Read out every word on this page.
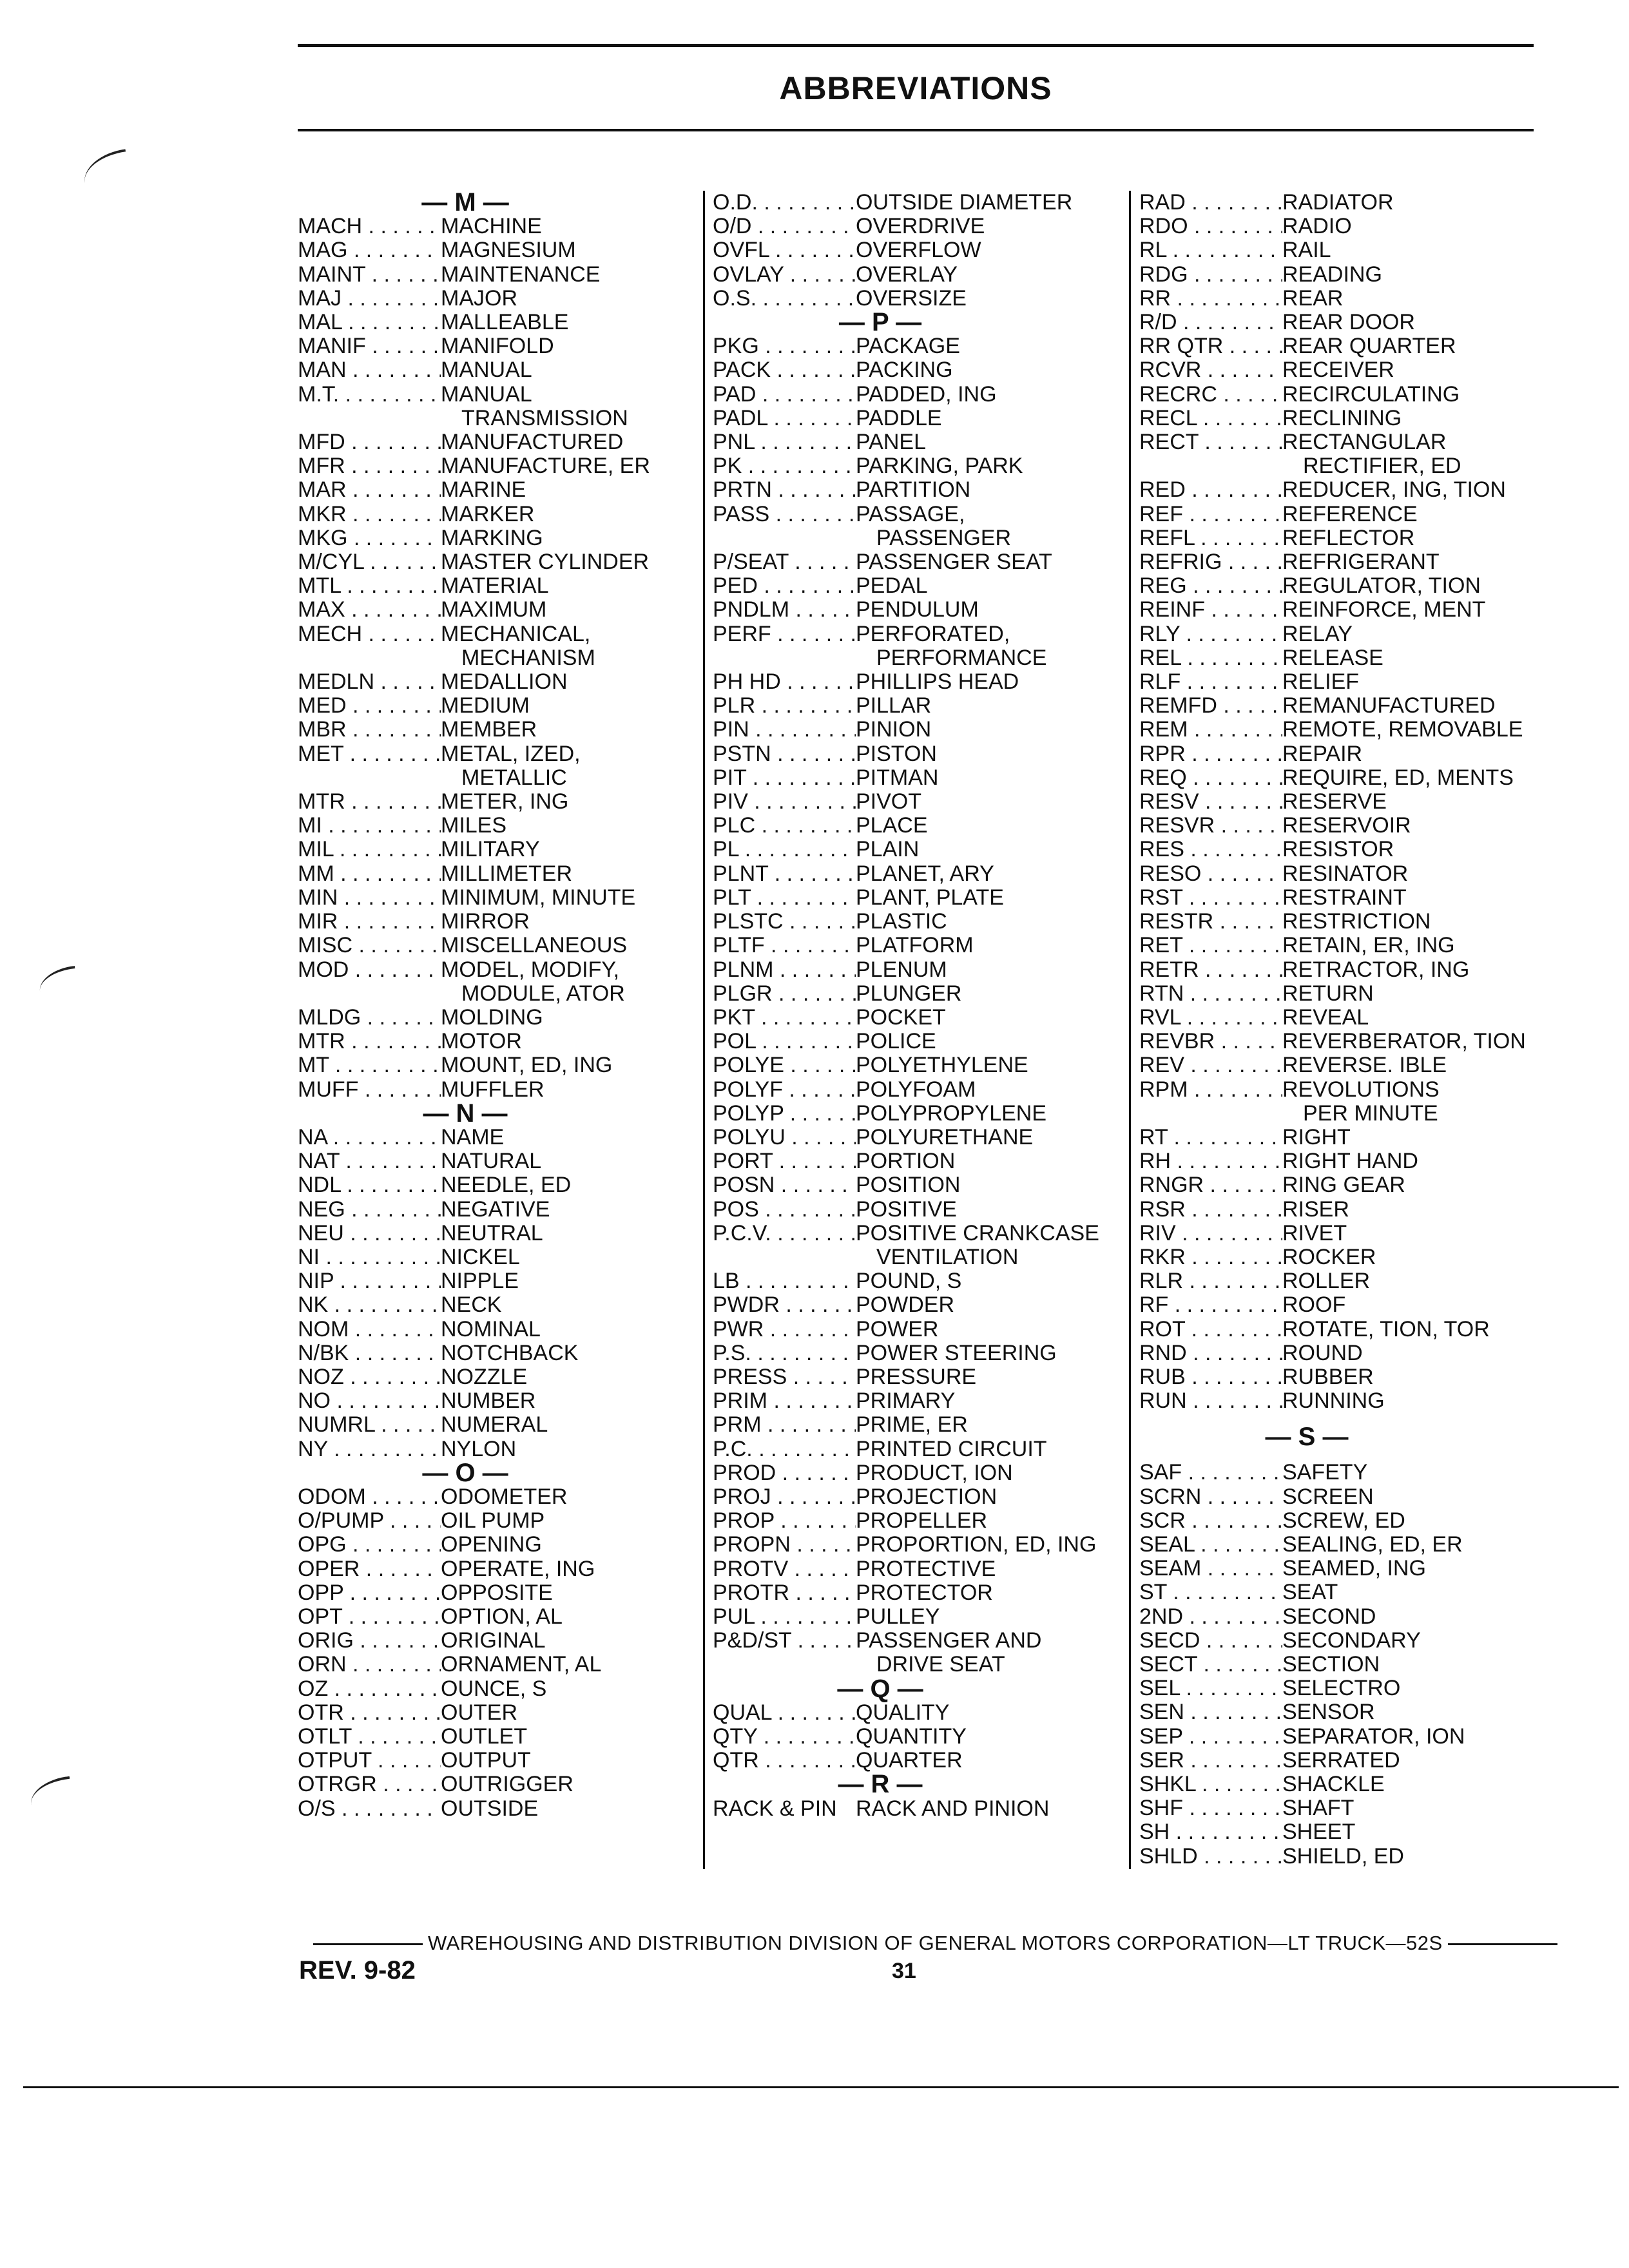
ABBREVIATIONS
— M —
MACH . . .	MACHINE
MAG . . .	MAGNESIUM
MAINT . . .	MAINTENANCE
MAJ . . .	MAJOR
MAL . . .	MALLEABLE
MANIF . . .	MANIFOLD
MAN . . .	MANUAL
M.T. . . .	MANUAL
TRANSMISSION
MFD . . .	MANUFACTURED
MFR . . .	MANUFACTURE, ER
MAR . . .	MARINE
MKR . . .	MARKER
MKG . . .	MARKING
M/CYL . . .	MASTER CYLINDER
MTL . . .	MATERIAL
MAX . . .	MAXIMUM
MECH . . .	MECHANICAL,
MECHANISM
MEDLN . . .	MEDALLION
MED . . .	MEDIUM
MBR . . .	MEMBER
MET . . .	METAL, IZED,
METALLIC
MTR . . .	METER, ING
MI . . .	MILES
MIL . . .	MILITARY
MM . . .	MILLIMETER
MIN . . .	MINIMUM, MINUTE
MIR . . .	MIRROR
MISC . . .	MISCELLANEOUS
MOD . . .	MODEL, MODIFY,
MODULE, ATOR
MLDG . . .	MOLDING
MTR . . .	MOTOR
MT . . .	MOUNT, ED, ING
MUFF . . .	MUFFLER
— N —
NA . . .	NAME
NAT . . .	NATURAL
NDL . . .	NEEDLE, ED
NEG . . .	NEGATIVE
NEU . . .	NEUTRAL
NI . . .	NICKEL
NIP . . .	NIPPLE
NK . . .	NECK
NOM . . .	NOMINAL
N/BK . . .	NOTCHBACK
NOZ . . .	NOZZLE
NO . . .	NUMBER
NUMRL . . .	NUMERAL
NY . . .	NYLON
— O —
ODOM . . .	ODOMETER
O/PUMP . . .	OIL PUMP
OPG . . .	OPENING
OPER . . .	OPERATE, ING
OPP . . .	OPPOSITE
OPT . . .	OPTION, AL
ORIG . . .	ORIGINAL
ORN . . .	ORNAMENT, AL
OZ . . .	OUNCE, S
OTR . . .	OUTER
OTLT . . .	OUTLET
OTPUT . . .	OUTPUT
OTRGR . . .	OUTRIGGER
O/S . . .	OUTSIDE
O.D. . . .	OUTSIDE DIAMETER
O/D . . .	OVERDRIVE
OVFL . . .	OVERFLOW
OVLAY . . .	OVERLAY
O.S. . . .	OVERSIZE
— P —
PKG . . .	PACKAGE
PACK . . .	PACKING
PAD . . .	PADDED, ING
PADL . . .	PADDLE
PNL . . .	PANEL
PK . . .	PARKING, PARK
PRTN . . .	PARTITION
PASS . . .	PASSAGE,
PASSENGER
P/SEAT . . .	PASSENGER SEAT
PED . . .	PEDAL
PNDLM . . .	PENDULUM
PERF . . .	PERFORATED,
PERFORMANCE
PH HD . . .	PHILLIPS HEAD
PLR . . .	PILLAR
PIN . . .	PINION
PSTN . . .	PISTON
PIT . . .	PITMAN
PIV . . .	PIVOT
PLC . . .	PLACE
PL . . .	PLAIN
PLNT . . .	PLANET, ARY
PLT . . .	PLANT, PLATE
PLSTC . . .	PLASTIC
PLTF . . .	PLATFORM
PLNM . . .	PLENUM
PLGR . . .	PLUNGER
PKT . . .	POCKET
POL . . .	POLICE
POLYE . . .	POLYETHYLENE
POLYF . . .	POLYFOAM
POLYP . . .	POLYPROPYLENE
POLYU . . .	POLYURETHANE
PORT . . .	PORTION
POSN . . .	POSITION
POS . . .	POSITIVE
P.C.V. . . .	POSITIVE CRANKCASE
VENTILATION
LB . . .	POUND, S
PWDR . . .	POWDER
PWR . . .	POWER
P.S. . . .	POWER STEERING
PRESS . . .	PRESSURE
PRIM . . .	PRIMARY
PRM . . .	PRIME, ER
P.C. . . .	PRINTED CIRCUIT
PROD . . .	PRODUCT, ION
PROJ . . .	PROJECTION
PROP . . .	PROPELLER
PROPN . . .	PROPORTION, ED, ING
PROTV . . .	PROTECTIVE
PROTR . . .	PROTECTOR
PUL . . .	PULLEY
P&D/ST . . .	PASSENGER AND
DRIVE SEAT
— Q —
QUAL . . .	QUALITY
QTY . . .	QUANTITY
QTR . . .	QUARTER
— R —
RACK & PIN RACK AND PINION
RAD . . .	RADIATOR
RDO . . .	RADIO
RL . . .	RAIL
RDG . . .	READING
RR . . .	REAR
R/D . . .	REAR DOOR
RR QTR . . .	REAR QUARTER
RCVR . . .	RECEIVER
RECRC . . .	RECIRCULATING
RECL . . .	RECLINING
RECT . . .	RECTANGULAR
RECTIFIER, ED
RED . . .	REDUCER, ING, TION
REF . . .	REFERENCE
REFL . . .	REFLECTOR
REFRIG . . .	REFRIGERANT
REG . . .	REGULATOR, TION
REINF . . .	REINFORCE, MENT
RLY . . .	RELAY
REL . . .	RELEASE
RLF . . .	RELIEF
REMFD . . .	REMANUFACTURED
REM . . .	REMOTE, REMOVABLE
RPR . . .	REPAIR
REQ . . .	REQUIRE, ED, MENTS
RESV . . .	RESERVE
RESVR . . .	RESERVOIR
RES . . .	RESISTOR
RESO . . .	RESINATOR
RST . . .	RESTRAINT
RESTR . . .	RESTRICTION
RET . . .	RETAIN, ER, ING
RETR . . .	RETRACTOR, ING
RTN . . .	RETURN
RVL . . .	REVEAL
REVBR . . .	REVERBERATOR, TION
REV . . .	REVERSE. IBLE
RPM . . .	REVOLUTIONS
PER MINUTE
RT . . .	RIGHT
RH . . .	RIGHT HAND
RNGR . . .	RING GEAR
RSR . . .	RISER
RIV . . .	RIVET
RKR . . .	ROCKER
RLR . . .	ROLLER
RF . . .	ROOF
ROT . . .	ROTATE, TION, TOR
RND . . .	ROUND
RUB . . .	RUBBER
RUN . . .	RUNNING
— S —
SAF . . .	SAFETY
SCRN . . .	SCREEN
SCR . . .	SCREW, ED
SEAL . . .	SEALING, ED, ER
SEAM . . .	SEAMED, ING
ST . . .	SEAT
2ND . . .	SECOND
SECD . . .	SECONDARY
SECT . . .	SECTION
SEL . . .	SELECTRO
SEN . . .	SENSOR
SEP . . .	SEPARATOR, ION
SER . . .	SERRATED
SHKL . . .	SHACKLE
SHF . . .	SHAFT
SH . . .	SHEET
SHLD . . .	SHIELD, ED
WAREHOUSING AND DISTRIBUTION DIVISION OF GENERAL MOTORS CORPORATION—LT TRUCK—52S
REV. 9-82	31
